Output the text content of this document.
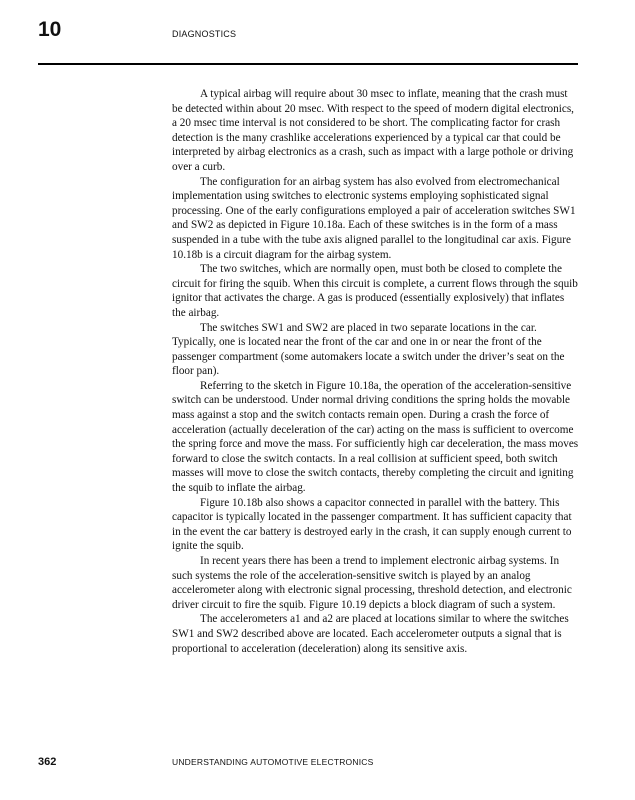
10	DIAGNOSTICS

A typical airbag will require about 30 msec to inflate, meaning that the crash must be detected within about 20 msec. With respect to the speed of modern digital electronics, a 20 msec time interval is not considered to be short. The complicating factor for crash detection is the many crashlike accelerations experienced by a typical car that could be interpreted by airbag electronics as a crash, such as impact with a large pothole or driving over a curb.

The configuration for an airbag system has also evolved from electromechanical implementation using switches to electronic systems employing sophisticated signal processing. One of the early configurations employed a pair of acceleration switches SW1 and SW2 as depicted in Figure 10.18a. Each of these switches is in the form of a mass suspended in a tube with the tube axis aligned parallel to the longitudinal car axis. Figure 10.18b is a circuit diagram for the airbag system.

The two switches, which are normally open, must both be closed to complete the circuit for firing the squib. When this circuit is complete, a current flows through the squib ignitor that activates the charge. A gas is produced (essentially explosively) that inflates the airbag.

The switches SW1 and SW2 are placed in two separate locations in the car. Typically, one is located near the front of the car and one in or near the front of the passenger compartment (some automakers locate a switch under the driver’s seat on the floor pan).

Referring to the sketch in Figure 10.18a, the operation of the acceleration-sensitive switch can be understood. Under normal driving conditions the spring holds the movable mass against a stop and the switch contacts remain open. During a crash the force of acceleration (actually deceleration of the car) acting on the mass is sufficient to overcome the spring force and move the mass. For sufficiently high car deceleration, the mass moves forward to close the switch contacts. In a real collision at sufficient speed, both switch masses will move to close the switch contacts, thereby completing the circuit and igniting the squib to inflate the airbag.

Figure 10.18b also shows a capacitor connected in parallel with the battery. This capacitor is typically located in the passenger compartment. It has sufficient capacity that in the event the car battery is destroyed early in the crash, it can supply enough current to ignite the squib.

In recent years there has been a trend to implement electronic airbag systems. In such systems the role of the acceleration-sensitive switch is played by an analog accelerometer along with electronic signal processing, threshold detection, and electronic driver circuit to fire the squib. Figure 10.19 depicts a block diagram of such a system.

The accelerometers a1 and a2 are placed at locations similar to where the switches SW1 and SW2 described above are located. Each accelerometer outputs a signal that is proportional to acceleration (deceleration) along its sensitive axis.

362	UNDERSTANDING AUTOMOTIVE ELECTRONICS
